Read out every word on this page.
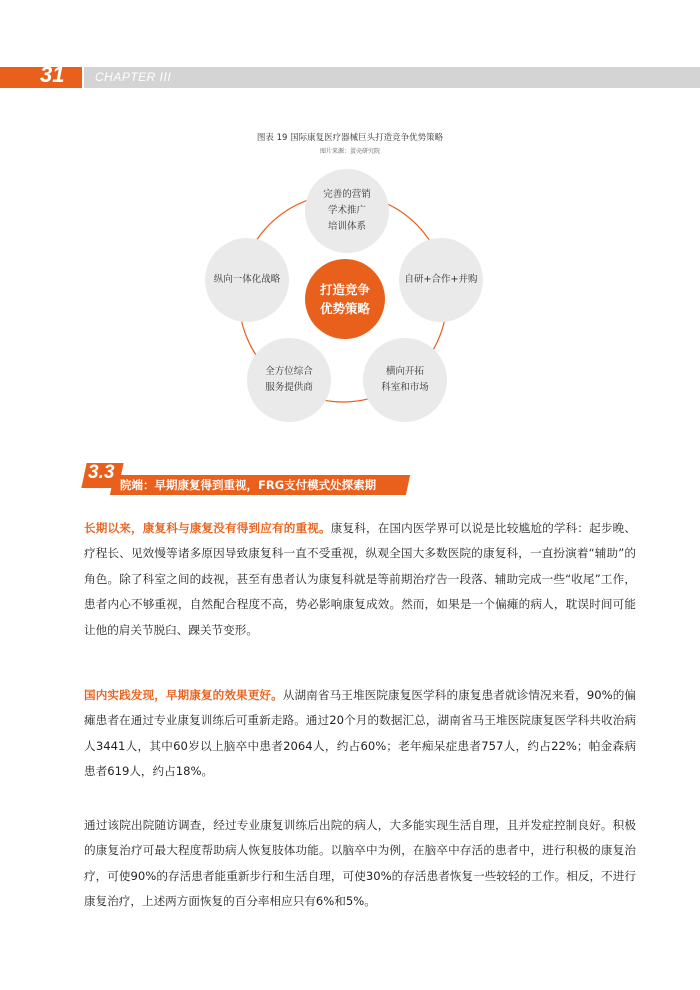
31	CHAPTER III
图表 19 国际康复医疗器械巨头打造竞争优势策略
图片来源：蛋壳研究院
完善的营销
学术推广
培训体系
自研+合作+并购
横向开拓
科室和市场
全方位综合
服务提供商
纵向一体化战略
打造竞争
优势策略
3.3
院端：早期康复得到重视，FRG支付模式处探索期

长期以来，康复科与康复没有得到应有的重视。康复科，在国内医学界可以说是比较尴尬的学科：起步晚、疗程长、见效慢等诸多原因导致康复科一直不受重视，纵观全国大多数医院的康复科，一直扮演着“辅助”的角色。除了科室之间的歧视，甚至有患者认为康复科就是等前期治疗告一段落、辅助完成一些“收尾”工作，患者内心不够重视，自然配合程度不高，势必影响康复成效。然而，如果是一个偏瘫的病人，耽误时间可能让他的肩关节脱臼、踝关节变形。

国内实践发现，早期康复的效果更好。从湖南省马王堆医院康复医学科的康复患者就诊情况来看，90%的偏瘫患者在通过专业康复训练后可重新走路。通过20个月的数据汇总，湖南省马王堆医院康复医学科共收治病人3441人，其中60岁以上脑卒中患者2064人，约占60%；老年痴呆症患者757人，约占22%；帕金森病患者619人，约占18%。

通过该院出院随访调查，经过专业康复训练后出院的病人，大多能实现生活自理，且并发症控制良好。积极的康复治疗可最大程度帮助病人恢复肢体功能。以脑卒中为例，在脑卒中存活的患者中，进行积极的康复治疗，可使90%的存活患者能重新步行和生活自理，可使30%的存活患者恢复一些较轻的工作。相反，不进行康复治疗，上述两方面恢复的百分率相应只有6%和5%。
